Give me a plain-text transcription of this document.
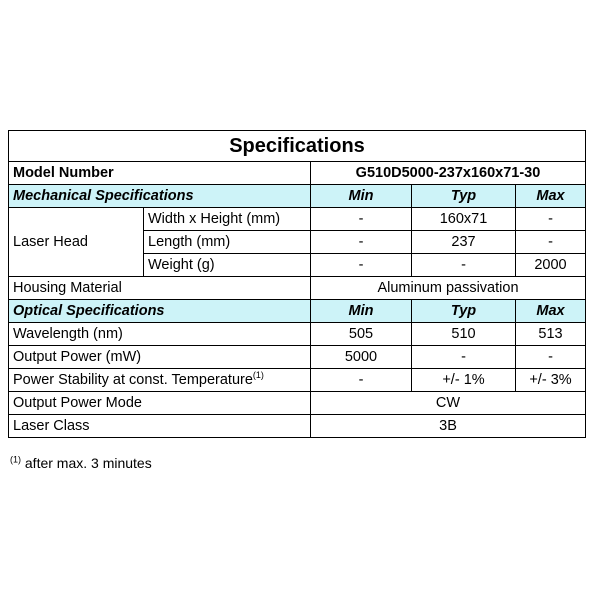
Specifications				
Model Number		G510D5000-237x160x71-30		
Mechanical Specifications		Min	Typ	Max
Laser Head	Width x Height (mm)	-	160x71	-
	Length (mm)	-	237	-
	Weight (g)	-	-	2000
Housing Material		Aluminum passivation		
Optical Specifications		Min	Typ	Max
Wavelength (nm)		505	510	513
Output Power (mW)		5000	-	-
Power Stability at const. Temperature$^{(1)}$		-	+/- 1%	+/- 3%
Output Power Mode		CW		
Laser Class		3B		
$^{(1)}$ after max. 3 minutes
